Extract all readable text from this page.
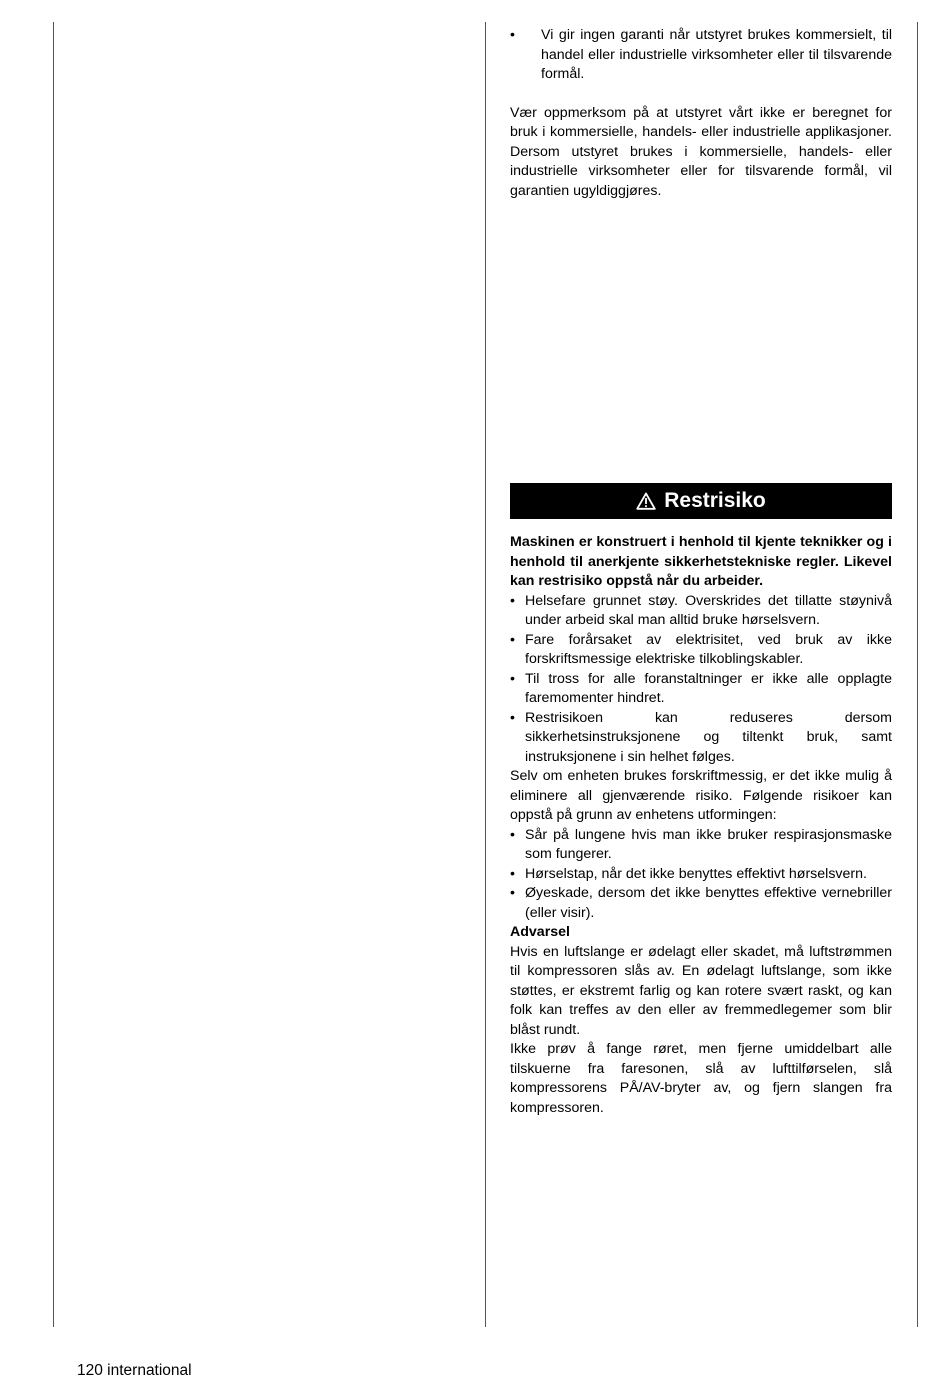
• Vi gir ingen garanti når utstyret brukes kommersielt, til handel eller industrielle virksomheter eller til tilsvarende formål.

Vær oppmerksom på at utstyret vårt ikke er beregnet for bruk i kommersielle, handels- eller industrielle applikasjoner. Dersom utstyret brukes i kommersielle, handels- eller industrielle virksomheter eller for tilsvarende formål, vil garantien ugyldiggjøres.

Restrisiko

Maskinen er konstruert i henhold til kjente teknikker og i henhold til anerkjente sikkerhetstekniske regler. Likevel kan restrisiko oppstå når du arbeider.

• Helsefare grunnet støy. Overskrides det tillatte støynivå under arbeid skal man alltid bruke hørselsvern.
• Fare forårsaket av elektrisitet, ved bruk av ikke forskriftsmessige elektriske tilkoblingskabler.
• Til tross for alle foranstaltninger er ikke alle opplagte faremomenter hindret.
• Restrisikoen kan reduseres dersom sikkerhetsinstruksjonene og tiltenkt bruk, samt instruksjonene i sin helhet følges.

Selv om enheten brukes forskriftmessig, er det ikke mulig å eliminere all gjenværende risiko. Følgende risikoer kan oppstå på grunn av enhetens utformingen:

• Sår på lungene hvis man ikke bruker respirasjonsmaske som fungerer.
• Hørselstap, når det ikke benyttes effektivt hørselsvern.
• Øyeskade, dersom det ikke benyttes effektive vernebriller (eller visir).

Advarsel

Hvis en luftslange er ødelagt eller skadet, må luftstrømmen til kompressoren slås av. En ødelagt luftslange, som ikke støttes, er ekstremt farlig og kan rotere svært raskt, og kan folk kan treffes av den eller av fremmedlegemer som blir blåst rundt.

Ikke prøv å fange røret, men fjerne umiddelbart alle tilskuerne fra faresonen, slå av lufttilførselen, slå kompressorens PÅ/AV-bryter av, og fjern slangen fra kompressoren.

120 international
